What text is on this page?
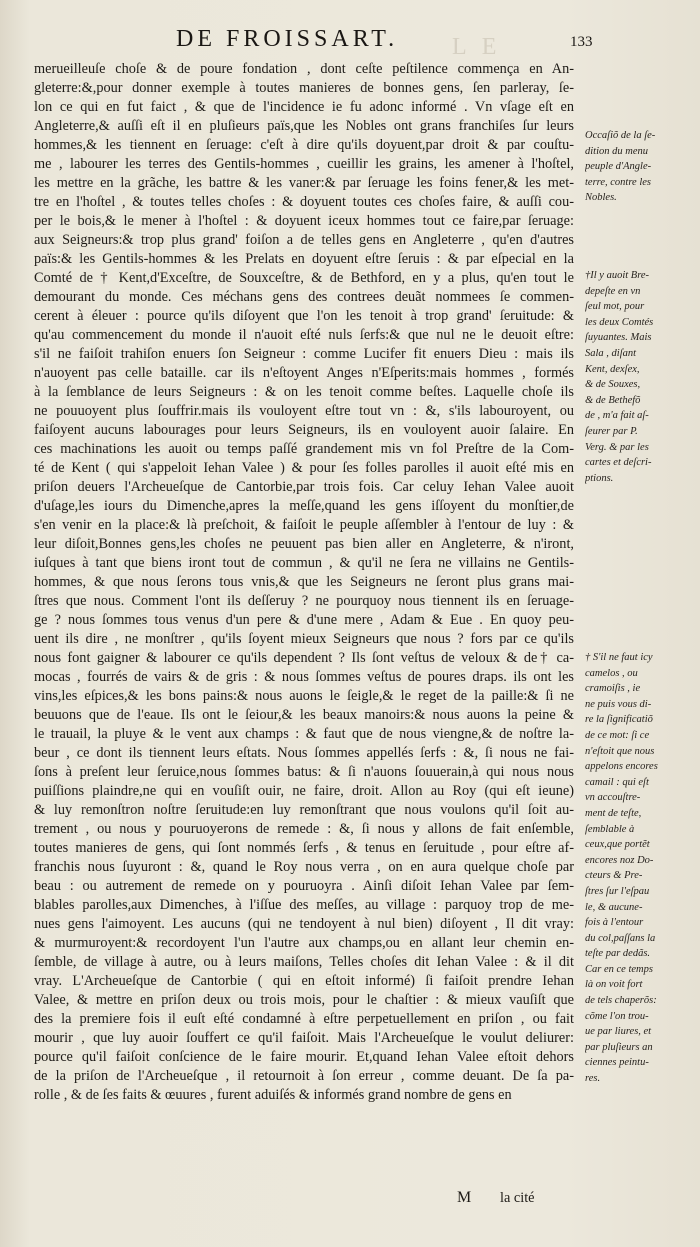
L E
DE FROISSART.	133
merueilleuſe choſe & de poure fondation , dont ceſte peſtilence commença en An-
gleterre:&,pour donner exemple à toutes manieres de bonnes gens, ſen parleray, ſe-
lon ce qui en fut faict , & que de l'incidence ie fu adonc informé . Vn vſage eſt en
Angleterre,& auſſi eſt il en pluſieurs païs,que les Nobles ont grans franchiſes ſur leurs
hommes,& les tiennent en ſeruage: c'eſt à dire qu'ils doyuent,par droit & par couſtu-
me , labourer les terres des Gentils-hommes , cueillir les grains, les amener à l'hoſtel,
les mettre en la grãche, les battre & les vaner:& par ſeruage les foins fener,& les met-
tre en l'hoſtel , & toutes telles choſes : & doyuent toutes ces choſes faire, & auſſi cou-
per le bois,& le mener à l'hoſtel : & doyuent iceux hommes tout ce faire,par ſeruage:
aux Seigneurs:& trop plus grand' foiſon a de telles gens en Angleterre , qu'en d'autres
païs:& les Gentils-hommes & les Prelats en doyuent eſtre ſeruis : & par eſpecial en la
Comté de † Kent,d'Exceſtre, de Souxceſtre, & de Bethford, en y a plus, qu'en tout le
demourant du monde. Ces méchans gens des contrees deuãt nommees ſe commen-
cerent à éleuer : pource qu'ils diſoyent que l'on les tenoit à trop grand' ſeruitude: &
qu'au commencement du monde il n'auoit eſté nuls ſerfs:& que nul ne le deuoit eſtre:
s'il ne faiſoit trahiſon enuers ſon Seigneur : comme Lucifer fit enuers Dieu : mais ils
n'auoyent pas celle bataille. car ils n'eſtoyent Anges n'Eſperits:mais hommes , formés
à la ſemblance de leurs Seigneurs : & on les tenoit comme beſtes. Laquelle choſe ils
ne pouuoyent plus ſouffrir.mais ils vouloyent eſtre tout vn : &, s'ils labouroyent, ou
faiſoyent aucuns labourages pour leurs Seigneurs, ils en vouloyent auoir ſalaire. En
ces machinations les auoit ou temps paſſé grandement mis vn fol Preſtre de la Com-
té de Kent ( qui s'appeloit Iehan Valee ) & pour ſes folles parolles il auoit eſté mis en
priſon deuers l'Archeueſque de Cantorbie,par trois fois. Car celuy Iehan Valee auoit
d'uſage,les iours du Dimenche,apres la meſſe,quand les gens iſſoyent du monſtier,de
s'en venir en la place:& là preſchoit, & faiſoit le peuple aſſembler à l'entour de luy : &
leur diſoit,Bonnes gens,les choſes ne peuuent pas bien aller en Angleterre, & n'iront,
iuſques à tant que biens iront tout de commun , & qu'il ne ſera ne villains ne Gentils-
hommes, & que nous ſerons tous vnis,& que les Seigneurs ne ſeront plus grans mai-
ſtres que nous. Comment l'ont ils deſſeruy ? ne pourquoy nous tiennent ils en ſeruage-
ge ? nous ſommes tous venus d'un pere & d'une mere , Adam & Eue . En quoy peu-
uent ils dire , ne monſtrer , qu'ils ſoyent mieux Seigneurs que nous ? fors par ce qu'ils
nous font gaigner & labourer ce qu'ils dependent ? Ils ſont veſtus de veloux & de† ca-
mocas , fourrés de vairs & de gris : & nous ſommes veſtus de poures draps. ils ont les
vins,les eſpices,& les bons pains:& nous auons le ſeigle,& le reget de la paille:& ſi ne
beuuons que de l'eaue. Ils ont le ſeiour,& les beaux manoirs:& nous auons la peine &
le trauail, la pluye & le vent aux champs : & faut que de nous viengne,& de noſtre la-
beur , ce dont ils tiennent leurs eſtats. Nous ſommes appellés ſerfs : &, ſi nous ne fai-
ſons à preſent leur ſeruice,nous ſommes batus: & ſi n'auons ſouuerain,à qui nous nous
puiſſions plaindre,ne qui en vouſiſt ouir, ne faire, droit. Allon au Roy (qui eſt ieune)
& luy remonſtron noſtre ſeruitude:en luy remonſtrant que nous voulons qu'il ſoit au-
trement , ou nous y pouruoyerons de remede : &, ſi nous y allons de fait enſemble,
toutes manieres de gens, qui ſont nommés ſerfs , & tenus en ſeruitude , pour eſtre af-
franchis nous ſuyuront : &, quand le Roy nous verra , on en aura quelque choſe par
beau : ou autrement de remede on y pouruoyra . Ainſi diſoit Iehan Valee par ſem-
blables parolles,aux Dimenches, à l'iſſue des meſſes, au village : parquoy trop de me-
nues gens l'aimoyent. Les aucuns (qui ne tendoyent à nul bien) diſoyent , Il dit vray:
& murmuroyent:& recordoyent l'un l'autre aux champs,ou en allant leur chemin en-
ſemble, de village à autre, ou à leurs maiſons, Telles choſes dit Iehan Valee : & il dit
vray. L'Archeueſque de Cantorbie ( qui en eſtoit informé) ſi faiſoit prendre Iehan
Valee, & mettre en priſon deux ou trois mois, pour le chaſtier : & mieux vauſiſt que
des la premiere fois il euſt eſté condamné à eſtre perpetuellement en priſon , ou fait
mourir , que luy auoir ſouffert ce qu'il faiſoit. Mais l'Archeueſque le voulut deliurer:
pource qu'il faiſoit conſcience de le faire mourir. Et,quand Iehan Valee eſtoit dehors
de la priſon de l'Archeueſque , il retournoit à ſon erreur , comme deuant. De ſa pa-
rolle , & de ſes faits & œuures , furent aduiſés & informés grand nombre de gens en
Occaſiõ de la ſe-
dition du menu
peuple d'Angle-
terre, contre les
Nobles.
†Il y auoit Bre-
depeſte en vn
ſeul mot, pour
les deux Comtés
ſuyuantes. Mais
Sala , diſant
Kent, dexſex,
& de Souxes,
& de Bethefõ
de , m'a fait aſ-
ſeurer par P.
Verg. & par les
cartes et deſcri-
ptions.
† S'il ne faut icy
camelos , ou
cramoiſis , ie
ne puis vous di-
re la ſignificatiõ
de ce mot: ſi ce
n'eſtoit que nous
appelons encores
camail : qui eſt
vn accouſtre-
ment de teſte,
ſemblable à
ceux,que portẽt
encores noz Do-
cteurs & Pre-
ſtres ſur l'eſpau
le, & aucune-
fois à l'entour
du col,paſſans la
teſte par dedãs.
Car en ce temps
là on voit fort
de tels chaperõs:
cõme l'on trou-
ue par liures, et
par pluſieurs an
ciennes peintu-
res.
M la cité
